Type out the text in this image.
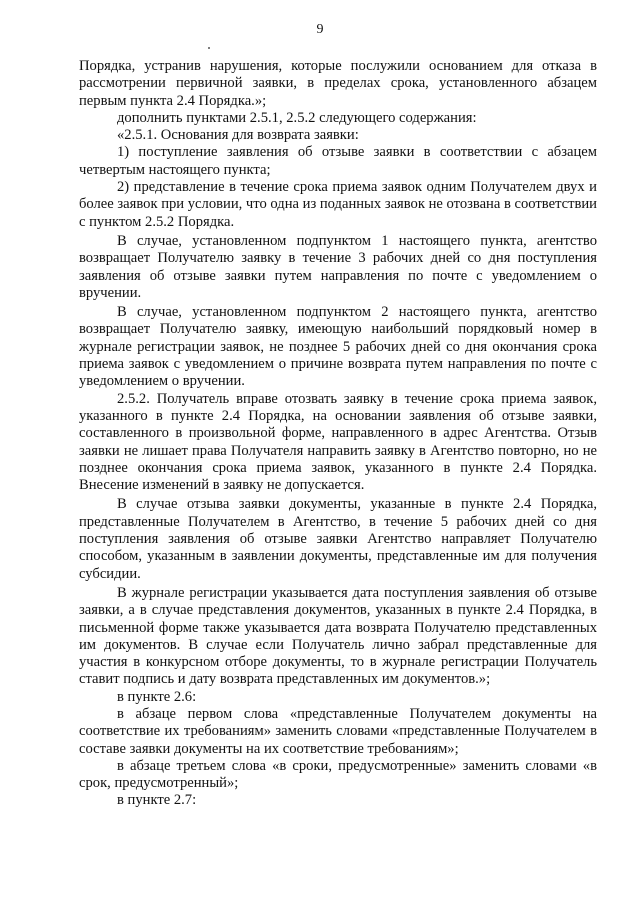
9

Порядка, устранив нарушения, которые послужили основанием для отказа в рассмотрении первичной заявки, в пределах срока, установленного абзацем первым пункта 2.4 Порядка.»;

дополнить пунктами 2.5.1, 2.5.2 следующего содержания:

«2.5.1. Основания для возврата заявки:

1) поступление заявления об отзыве заявки в соответствии с абзацем четвертым настоящего пункта;

2) представление в течение срока приема заявок одним Получателем двух и более заявок при условии, что одна из поданных заявок не отозвана в соответствии с пунктом 2.5.2 Порядка.

В случае, установленном подпунктом 1 настоящего пункта, агентство возвращает Получателю заявку в течение 3 рабочих дней со дня поступления заявления об отзыве заявки путем направления по почте с уведомлением о вручении.

В случае, установленном подпунктом 2 настоящего пункта, агентство возвращает Получателю заявку, имеющую наибольший порядковый номер в журнале регистрации заявок, не позднее 5 рабочих дней со дня окончания срока приема заявок с уведомлением о причине возврата путем направления по почте с уведомлением о вручении.

2.5.2. Получатель вправе отозвать заявку в течение срока приема заявок, указанного в пункте 2.4 Порядка, на основании заявления об отзыве заявки, составленного в произвольной форме, направленного в адрес Агентства. Отзыв заявки не лишает права Получателя направить заявку в Агентство повторно, но не позднее окончания срока приема заявок, указанного в пункте 2.4 Порядка. Внесение изменений в заявку не допускается.

В случае отзыва заявки документы, указанные в пункте 2.4 Порядка, представленные Получателем в Агентство, в течение 5 рабочих дней со дня поступления заявления об отзыве заявки Агентство направляет Получателю способом, указанным в заявлении документы, представленные им для получения субсидии.

В журнале регистрации указывается дата поступления заявления об отзыве заявки, а в случае представления документов, указанных в пункте 2.4 Порядка, в письменной форме также указывается дата возврата Получателю представленных им документов. В случае если Получатель лично забрал представленные для участия в конкурсном отборе документы, то в журнале регистрации Получатель ставит подпись и дату возврата представленных им документов.»;

в пункте 2.6:

в абзаце первом слова «представленные Получателем документы на соответствие их требованиям» заменить словами «представленные Получателем в составе заявки документы на их соответствие требованиям»;

в абзаце третьем слова «в сроки, предусмотренные» заменить словами «в срок, предусмотренный»;

в пункте 2.7:
